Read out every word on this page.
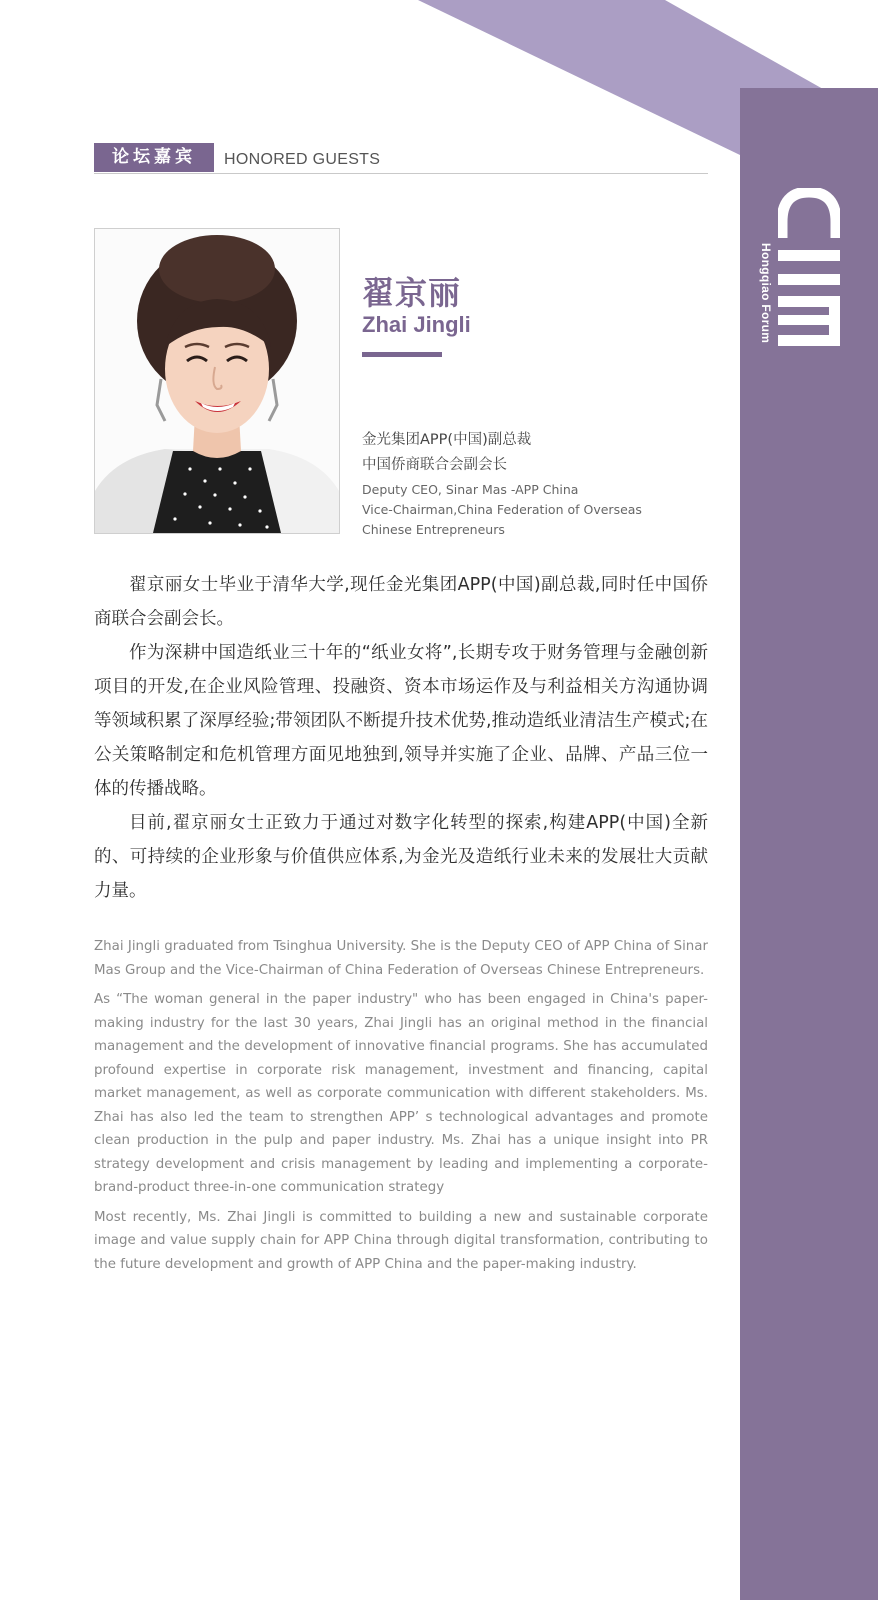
Hongqiao Forum
论坛嘉宾	HONORED GUESTS
翟京丽
Zhai Jingli
金光集团APP(中国)副总裁
中国侨商联合会副会长
Deputy CEO, Sinar Mas -APP China
Vice-Chairman,China Federation of Overseas
Chinese Entrepreneurs

翟京丽女士毕业于清华大学,现任金光集团APP(中国)副总裁,同时任中国侨商联合会副会长。

作为深耕中国造纸业三十年的“纸业女将”,长期专攻于财务管理与金融创新项目的开发,在企业风险管理、投融资、资本市场运作及与利益相关方沟通协调等领域积累了深厚经验;带领团队不断提升技术优势,推动造纸业清洁生产模式;在公关策略制定和危机管理方面见地独到,领导并实施了企业、品牌、产品三位一体的传播战略。

目前,翟京丽女士正致力于通过对数字化转型的探索,构建APP(中国)全新的、可持续的企业形象与价值供应体系,为金光及造纸行业未来的发展壮大贡献力量。

Zhai Jingli graduated from Tsinghua University. She is the Deputy CEO of APP China of Sinar Mas Group and the Vice-Chairman of China Federation of Overseas Chinese Entrepreneurs.

As “The woman general in the paper industry" who has been engaged in China's paper-making industry for the last 30 years, Zhai Jingli has an original method in the financial management and the development of innovative financial programs. She has accumulated profound expertise in corporate risk management, investment and financing, capital market management, as well as corporate communication with different stakeholders. Ms. Zhai has also led the team to strengthen APP’ s technological advantages and promote clean production in the pulp and paper industry. Ms. Zhai has a unique insight into PR strategy development and crisis management by leading and implementing a corporate-brand-product three-in-one communication strategy

Most recently, Ms. Zhai Jingli is committed to building a new and sustainable corporate image and value supply chain for APP China through digital transformation, contributing to the future development and growth of APP China and the paper-making industry.
